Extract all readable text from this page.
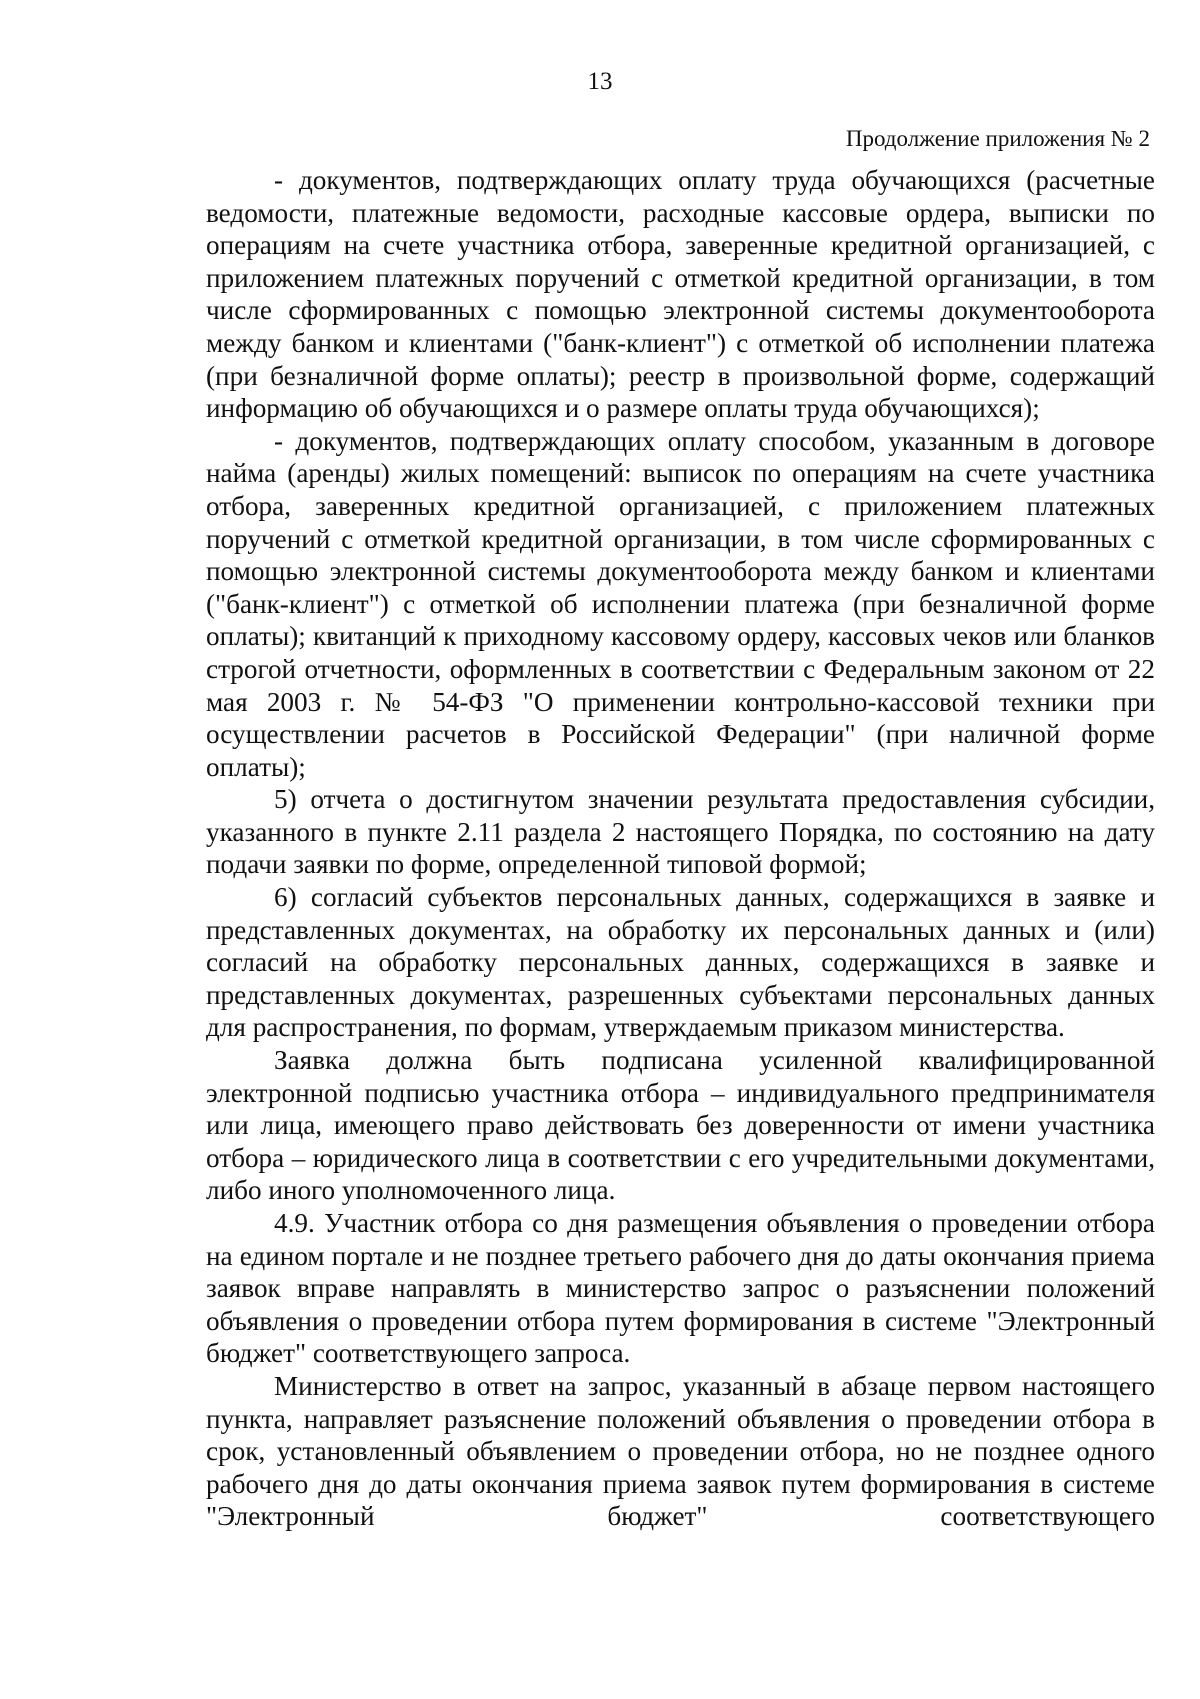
13
Продолжение приложения № 2

- документов, подтверждающих оплату труда обучающихся (расчетные ведомости, платежные ведомости, расходные кассовые ордера, выписки по операциям на счете участника отбора, заверенные кредитной организацией, с приложением платежных поручений с отметкой кредитной организации, в том числе сформированных с помощью электронной системы документооборота между банком и клиентами ("банк-клиент") с отметкой об исполнении платежа (при безналичной форме оплаты); реестр в произвольной форме, содержащий информацию об обучающихся и о размере оплаты труда обучающихся);

- документов, подтверждающих оплату способом, указанным в договоре найма (аренды) жилых помещений: выписок по операциям на счете участника отбора, заверенных кредитной организацией, с приложением платежных поручений с отметкой кредитной организации, в том числе сформированных с помощью электронной системы документооборота между банком и клиентами ("банк-клиент") с отметкой об исполнении платежа (при безналичной форме оплаты); квитанций к приходному кассовому ордеру, кассовых чеков или бланков строгой отчетности, оформленных в соответствии с Федеральным законом от 22 мая 2003 г. № 54-ФЗ "О применении контрольно-кассовой техники при осуществлении расчетов в Российской Федерации" (при наличной форме оплаты);

5) отчета о достигнутом значении результата предоставления субсидии, указанного в пункте 2.11 раздела 2 настоящего Порядка, по состоянию на дату подачи заявки по форме, определенной типовой формой;

6) согласий субъектов персональных данных, содержащихся в заявке и представленных документах, на обработку их персональных данных и (или) согласий на обработку персональных данных, содержащихся в заявке и представленных документах, разрешенных субъектами персональных данных для распространения, по формам, утверждаемым приказом министерства.

Заявка должна быть подписана усиленной квалифицированной электронной подписью участника отбора – индивидуального предпринимателя или лица, имеющего право действовать без доверенности от имени участника отбора – юридического лица в соответствии с его учредительными документами, либо иного уполномоченного лица.

4.9. Участник отбора со дня размещения объявления о проведении отбора на едином портале и не позднее третьего рабочего дня до даты окончания приема заявок вправе направлять в министерство запрос о разъяснении положений объявления о проведении отбора путем формирования в системе "Электронный бюджет" соответствующего запроса.

Министерство в ответ на запрос, указанный в абзаце первом настоящего пункта, направляет разъяснение положений объявления о проведении отбора в срок, установленный объявлением о проведении отбора, но не позднее одного рабочего дня до даты окончания приема заявок путем формирования в системе "Электронный бюджет" соответствующего
